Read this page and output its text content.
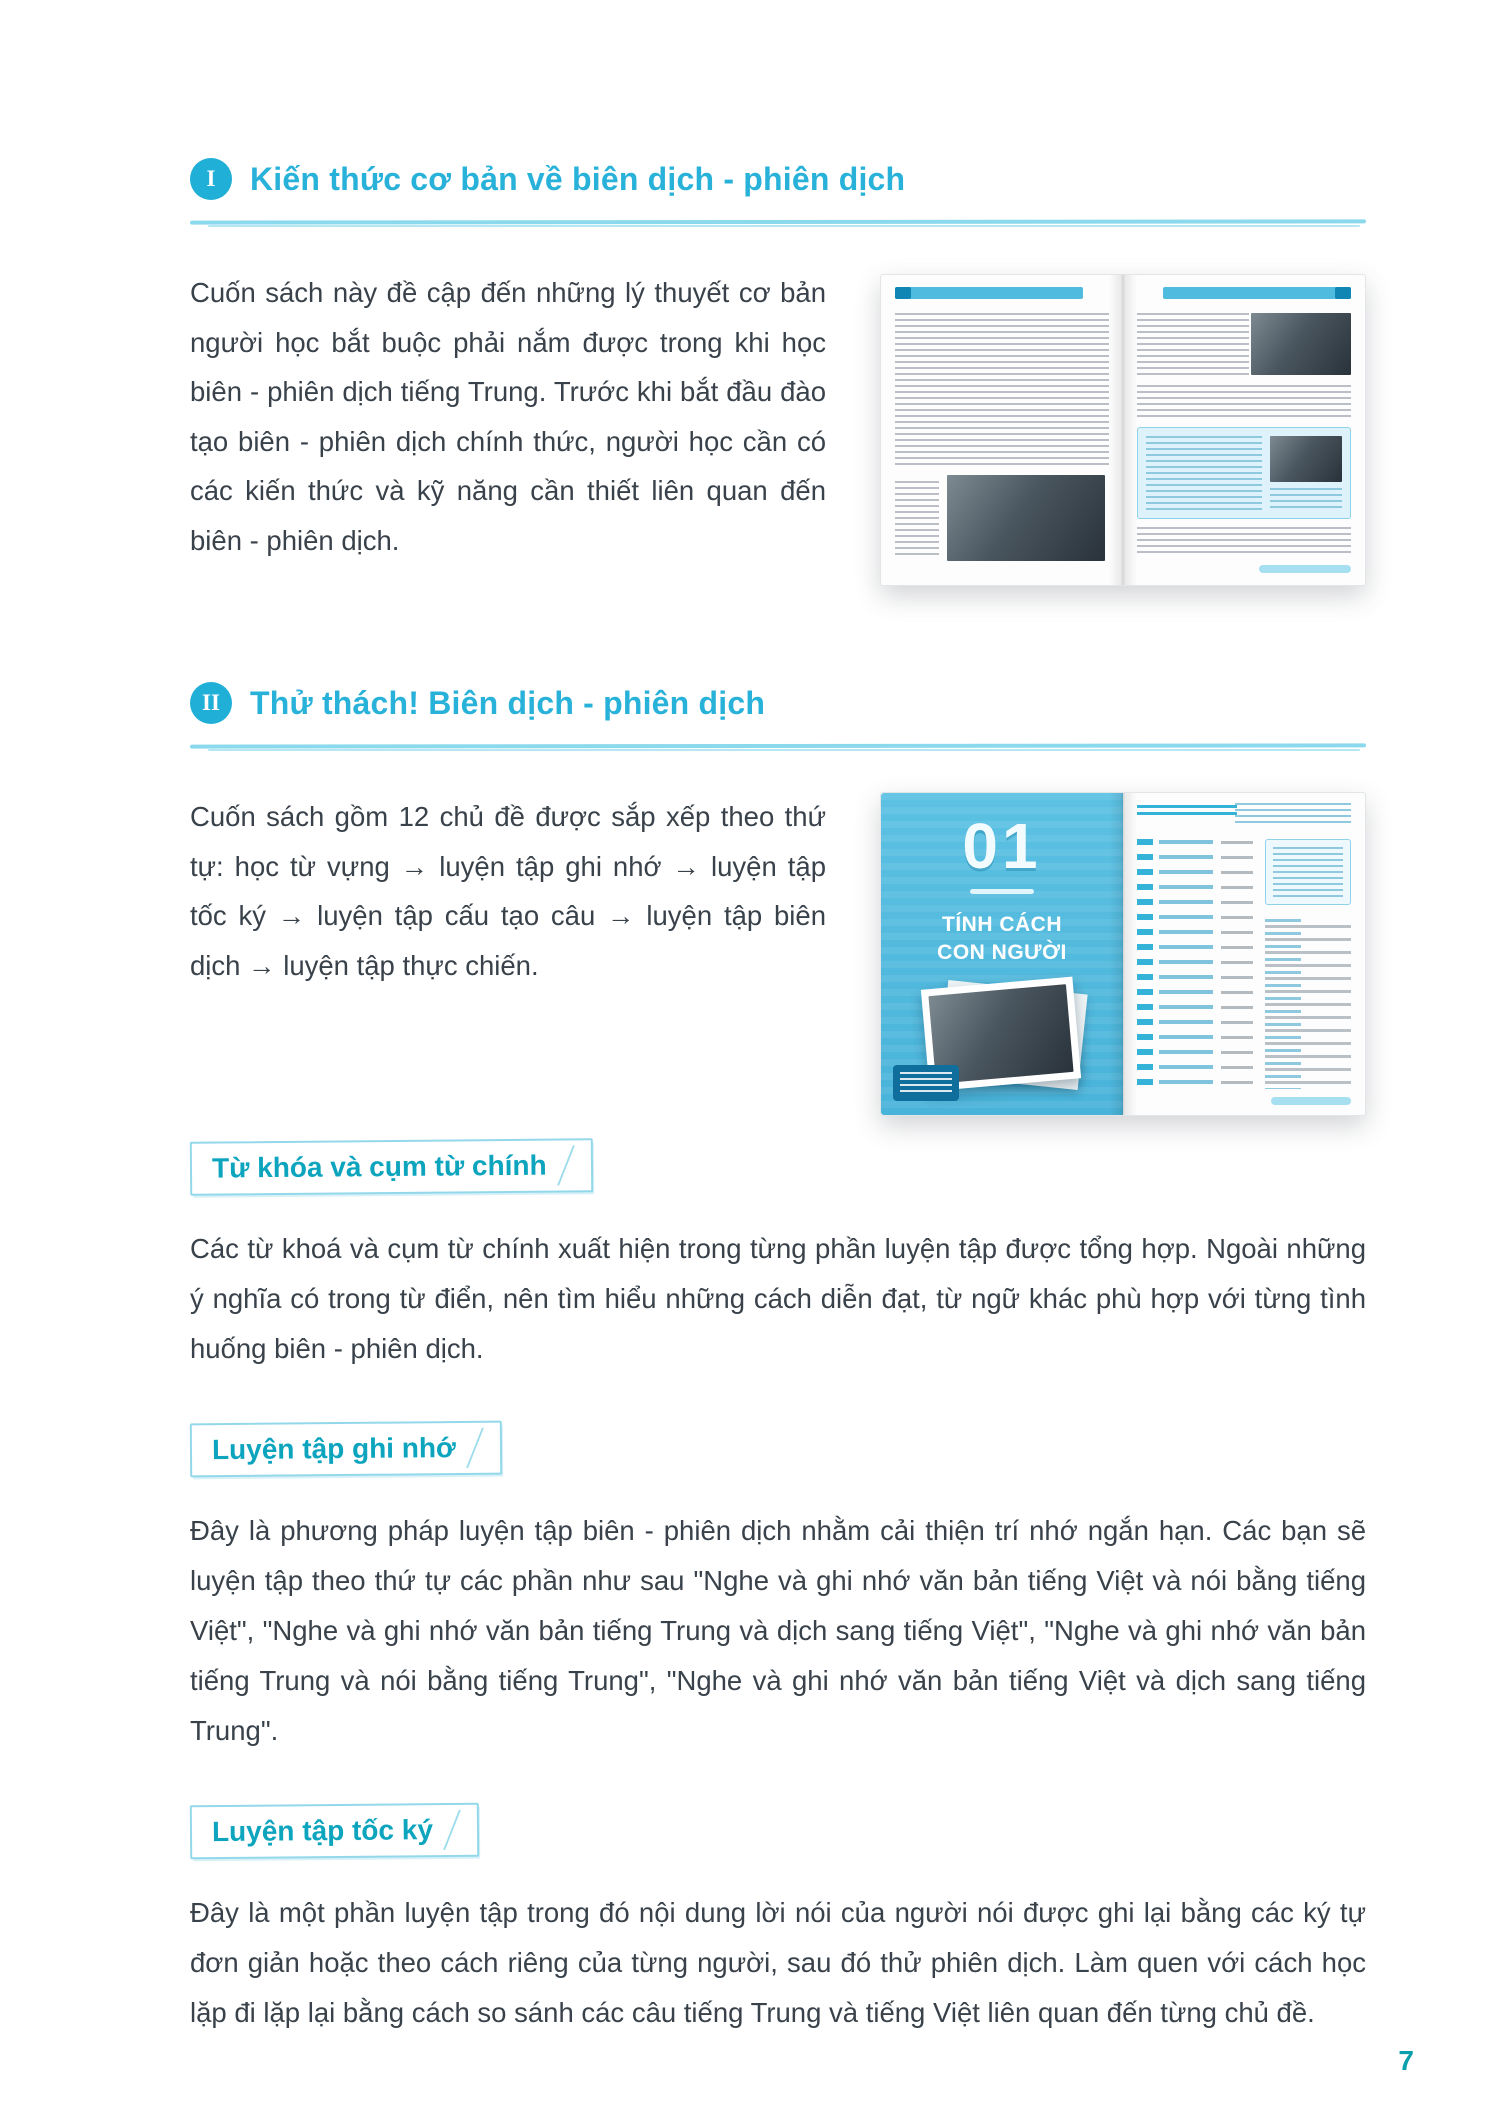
I Kiến thức cơ bản về biên dịch - phiên dịch

Cuốn sách này đề cập đến những lý thuyết cơ bản người học bắt buộc phải nắm được trong khi học biên - phiên dịch tiếng Trung. Trước khi bắt đầu đào tạo biên - phiên dịch chính thức, người học cần có các kiến thức và kỹ năng cần thiết liên quan đến biên - phiên dịch.

II Thử thách! Biên dịch - phiên dịch

Cuốn sách gồm 12 chủ đề được sắp xếp theo thứ tự: học từ vựng → luyện tập ghi nhớ → luyện tập tốc ký → luyện tập cấu tạo câu → luyện tập biên dịch → luyện tập thực chiến.

01
TÍNH CÁCH CON NGƯỜI
Từ khóa và cụm từ chính

Các từ khoá và cụm từ chính xuất hiện trong từng phần luyện tập được tổng hợp. Ngoài những ý nghĩa có trong từ điển, nên tìm hiểu những cách diễn đạt, từ ngữ khác phù hợp với từng tình huống biên - phiên dịch.

Luyện tập ghi nhớ

Đây là phương pháp luyện tập biên - phiên dịch nhằm cải thiện trí nhớ ngắn hạn. Các bạn sẽ luyện tập theo thứ tự các phần như sau "Nghe và ghi nhớ văn bản tiếng Việt và nói bằng tiếng Việt", "Nghe và ghi nhớ văn bản tiếng Trung và dịch sang tiếng Việt", "Nghe và ghi nhớ văn bản tiếng Trung và nói bằng tiếng Trung", "Nghe và ghi nhớ văn bản tiếng Việt và dịch sang tiếng Trung".

Luyện tập tốc ký

Đây là một phần luyện tập trong đó nội dung lời nói của người nói được ghi lại bằng các ký tự đơn giản hoặc theo cách riêng của từng người, sau đó thử phiên dịch. Làm quen với cách học lặp đi lặp lại bằng cách so sánh các câu tiếng Trung và tiếng Việt liên quan đến từng chủ đề.

7
